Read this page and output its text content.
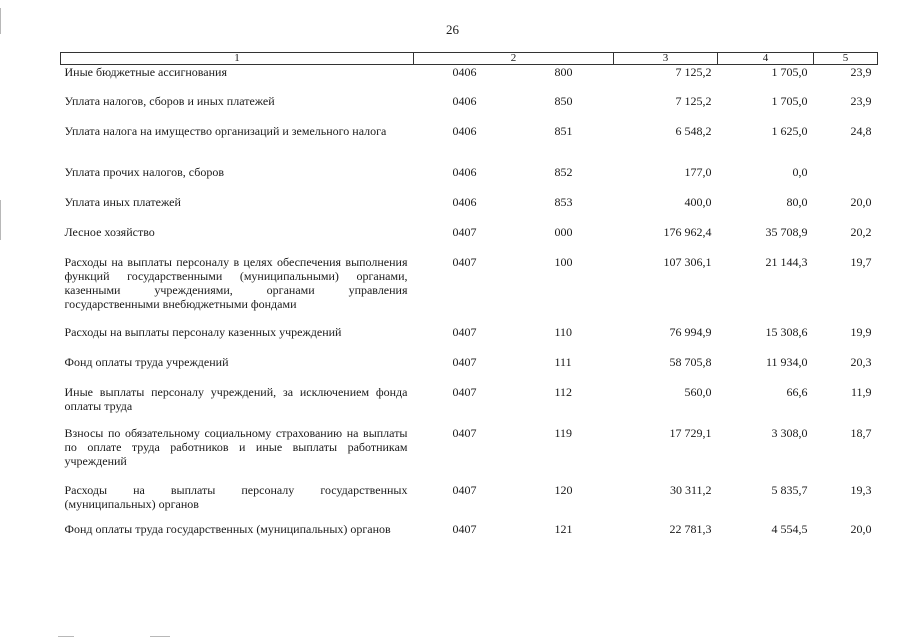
26
1	2	3	4	5
Иные бюджетные ассигнования	0406 800	7 125,2	1 705,0	23,9
Уплата налогов, сборов и иных платежей	0406 850	7 125,2	1 705,0	23,9
Уплата налога на имущество организаций и земельного налога	0406 851	6 548,2	1 625,0	24,8
Уплата прочих налогов, сборов	0406 852	177,0	0,0	
Уплата иных платежей	0406 853	400,0	80,0	20,0
Лесное хозяйство	0407 000	176 962,4	35 708,9	20,2
Расходы на выплаты персоналу в целях обеспечения выполнения функций государственными (муниципальными) органами, казенными учреждениями, органами управления государственными внебюджетными фондами	0407 100	107 306,1	21 144,3	19,7
Расходы на выплаты персоналу казенных учреждений	0407 110	76 994,9	15 308,6	19,9
Фонд оплаты труда учреждений	0407 111	58 705,8	11 934,0	20,3
Иные выплаты персоналу учреждений, за исключением фонда оплаты труда	0407 112	560,0	66,6	11,9
Взносы по обязательному социальному страхованию на выплаты по оплате труда работников и иные выплаты работникам учреждений	0407 119	17 729,1	3 308,0	18,7
Расходы на выплаты персоналу государственных (муниципальных) органов	0407 120	30 311,2	5 835,7	19,3
Фонд оплаты труда государственных (муниципальных) органов	0407 121	22 781,3	4 554,5	20,0
